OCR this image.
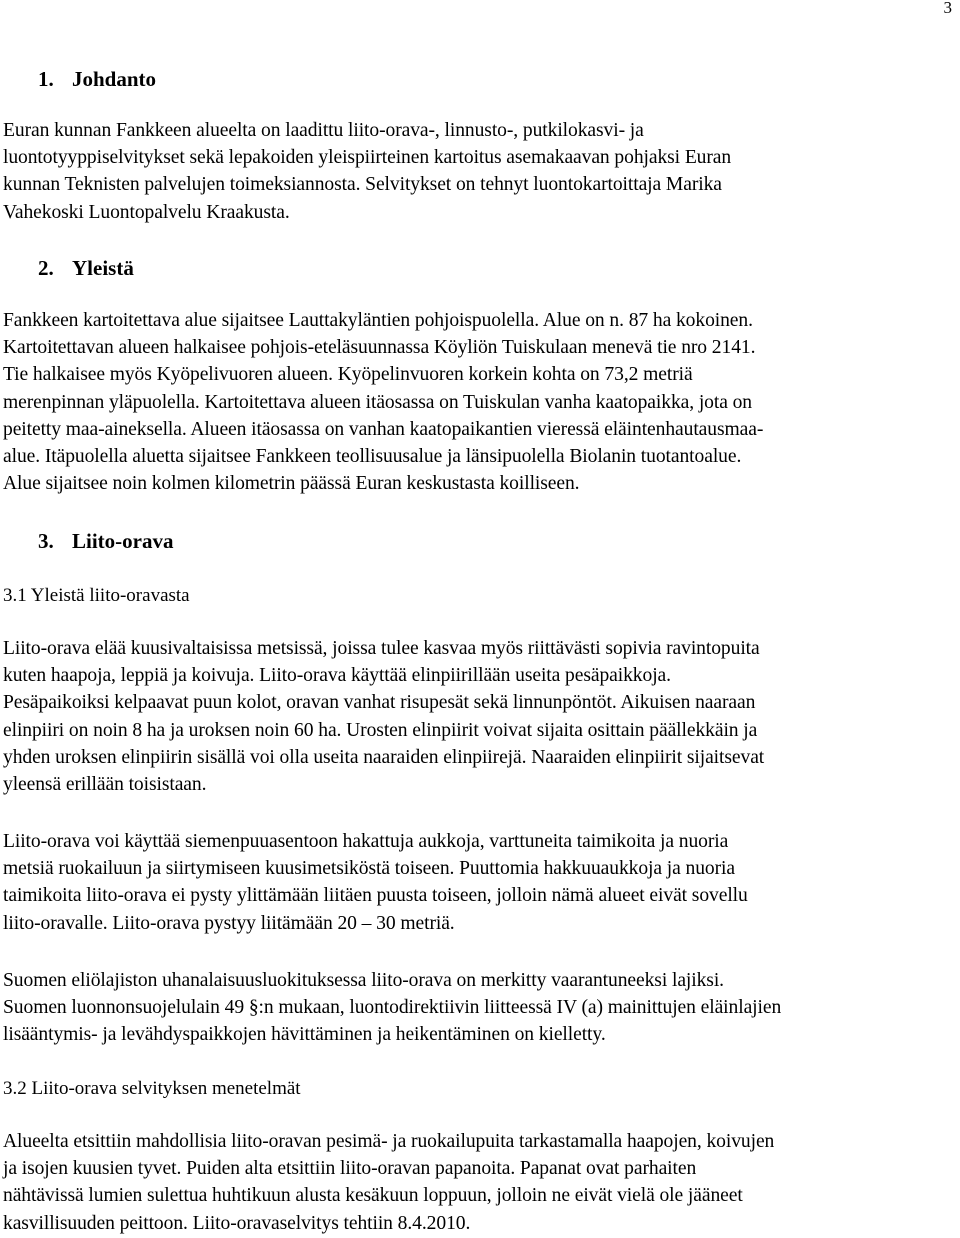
3
1. Johdanto

Euran kunnan Fankkeen alueelta on laadittu liito-orava-, linnusto-, putkilokasvi- ja

luontotyyppiselvitykset sekä lepakoiden yleispiirteinen kartoitus asemakaavan pohjaksi Euran

kunnan Teknisten palvelujen toimeksiannosta. Selvitykset on tehnyt luontokartoittaja Marika

Vahekoski Luontopalvelu Kraakusta.

2. Yleistä

Fankkeen kartoitettava alue sijaitsee Lauttakyläntien pohjoispuolella. Alue on n. 87 ha kokoinen.

Kartoitettavan alueen halkaisee pohjois-eteläsuunnassa Köyliön Tuiskulaan menevä tie nro 2141.

Tie halkaisee myös Kyöpelivuoren alueen. Kyöpelinvuoren korkein kohta on 73,2 metriä

merenpinnan yläpuolella. Kartoitettava alueen itäosassa on Tuiskulan vanha kaatopaikka, jota on

peitetty maa-aineksella. Alueen itäosassa on vanhan kaatopaikantien vieressä eläintenhautausmaa-

alue. Itäpuolella aluetta sijaitsee Fankkeen teollisuusalue ja länsipuolella Biolanin tuotantoalue.

Alue sijaitsee noin kolmen kilometrin päässä Euran keskustasta koilliseen.

3. Liito-orava
3.1 Yleistä liito-oravasta

Liito-orava elää kuusivaltaisissa metsissä, joissa tulee kasvaa myös riittävästi sopivia ravintopuita

kuten haapoja, leppiä ja koivuja. Liito-orava käyttää elinpiirillään useita pesäpaikkoja.

Pesäpaikoiksi kelpaavat puun kolot, oravan vanhat risupesät sekä linnunpöntöt. Aikuisen naaraan

elinpiiri on noin 8 ha ja uroksen noin 60 ha. Urosten elinpiirit voivat sijaita osittain päällekkäin ja

yhden uroksen elinpiirin sisällä voi olla useita naaraiden elinpiirejä. Naaraiden elinpiirit sijaitsevat

yleensä erillään toisistaan.

Liito-orava voi käyttää siemenpuuasentoon hakattuja aukkoja, varttuneita taimikoita ja nuoria

metsiä ruokailuun ja siirtymiseen kuusimetsiköstä toiseen. Puuttomia hakkuuaukkoja ja nuoria

taimikoita liito-orava ei pysty ylittämään liitäen puusta toiseen, jolloin nämä alueet eivät sovellu

liito-oravalle. Liito-orava pystyy liitämään 20 – 30 metriä.

Suomen eliölajiston uhanalaisuusluokituksessa liito-orava on merkitty vaarantuneeksi lajiksi.

Suomen luonnonsuojelulain 49 §:n mukaan, luontodirektiivin liitteessä IV (a) mainittujen eläinlajien

lisääntymis- ja levähdyspaikkojen hävittäminen ja heikentäminen on kielletty.

3.2 Liito-orava selvityksen menetelmät

Alueelta etsittiin mahdollisia liito-oravan pesimä- ja ruokailupuita tarkastamalla haapojen, koivujen

ja isojen kuusien tyvet. Puiden alta etsittiin liito-oravan papanoita. Papanat ovat parhaiten

nähtävissä lumien sulettua huhtikuun alusta kesäkuun loppuun, jolloin ne eivät vielä ole jääneet

kasvillisuuden peittoon. Liito-oravaselvitys tehtiin 8.4.2010.
